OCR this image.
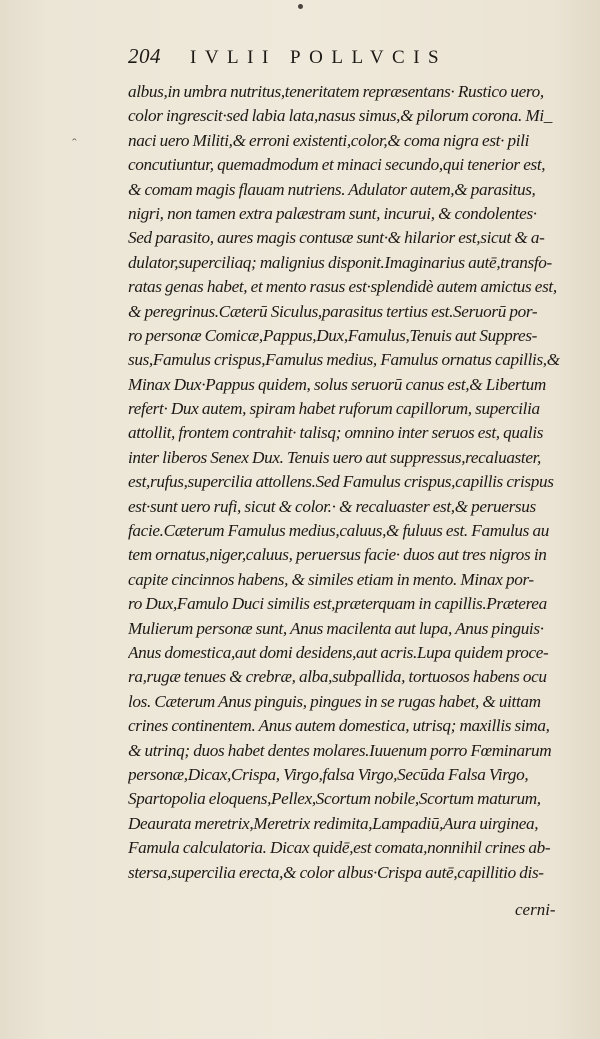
204	IVLII POLLVCIS
ˆ
albus,in umbra nutritus,teneritatem repræsentans· Rustico uero,
color ingrescit·sed labia lata,nasus simus,& pilorum corona. Mi_
naci uero Militi,& erroni existenti,color,& coma nigra est· pili
concutiuntur, quemadmodum et minaci secundo,qui tenerior est,
& comam magis flauam nutriens. Adulator autem,& parasitus,
nigri, non tamen extra palæstram sunt, incurui, & condolentes·
Sed parasito, aures magis contusæ sunt·& hilarior est,sicut & a-
dulator,superciliaq; malignius disponit.Imaginarius autē,transfo-
ratas genas habet, et mento rasus est·splendidè autem amictus est,
& peregrinus.Cæterū Siculus,parasitus tertius est.Seruorū por-
ro personæ Comicæ,Pappus,Dux,Famulus,Tenuis aut Suppres-
sus,Famulus crispus,Famulus medius, Famulus ornatus capillis,&
Minax Dux·Pappus quidem, solus seruorū canus est,& Libertum
refert· Dux autem, spiram habet ruforum capillorum, supercilia
attollit, frontem contrahit· talisq; omnino inter seruos est, qualis
inter liberos Senex Dux. Tenuis uero aut suppressus,recaluaster,
est,rufus,supercilia attollens.Sed Famulus crispus,capillis crispus
est·sunt uero rufi, sicut & color.· & recaluaster est,& peruersus
facie.Cæterum Famulus medius,caluus,& fuluus est. Famulus au
tem ornatus,niger,caluus, peruersus facie· duos aut tres nigros in
capite cincinnos habens, & similes etiam in mento. Minax por-
ro Dux,Famulo Duci similis est,præterquam in capillis.Præterea
Mulierum personæ sunt, Anus macilenta aut lupa, Anus pinguis·
Anus domestica,aut domi desidens,aut acris.Lupa quidem proce-
ra,rugæ tenues & crebræ, alba,subpallida, tortuosos habens ocu
los. Cæterum Anus pinguis, pingues in se rugas habet, & uittam
crines continentem. Anus autem domestica, utrisq; maxillis sima,
& utrinq; duos habet dentes molares.Iuuenum porro Fœminarum
personæ,Dicax,Crispa, Virgo,falsa Virgo,Secūda Falsa Virgo,
Spartopolia eloquens,Pellex,Scortum nobile,Scortum maturum,
Deaurata meretrix,Meretrix redimita,Lampadiū,Aura uirginea,
Famula calculatoria. Dicax quidē,est comata,nonnihil crines ab-
stersa,supercilia erecta,& color albus·Crispa autē,capillitio dis-
cerni-
